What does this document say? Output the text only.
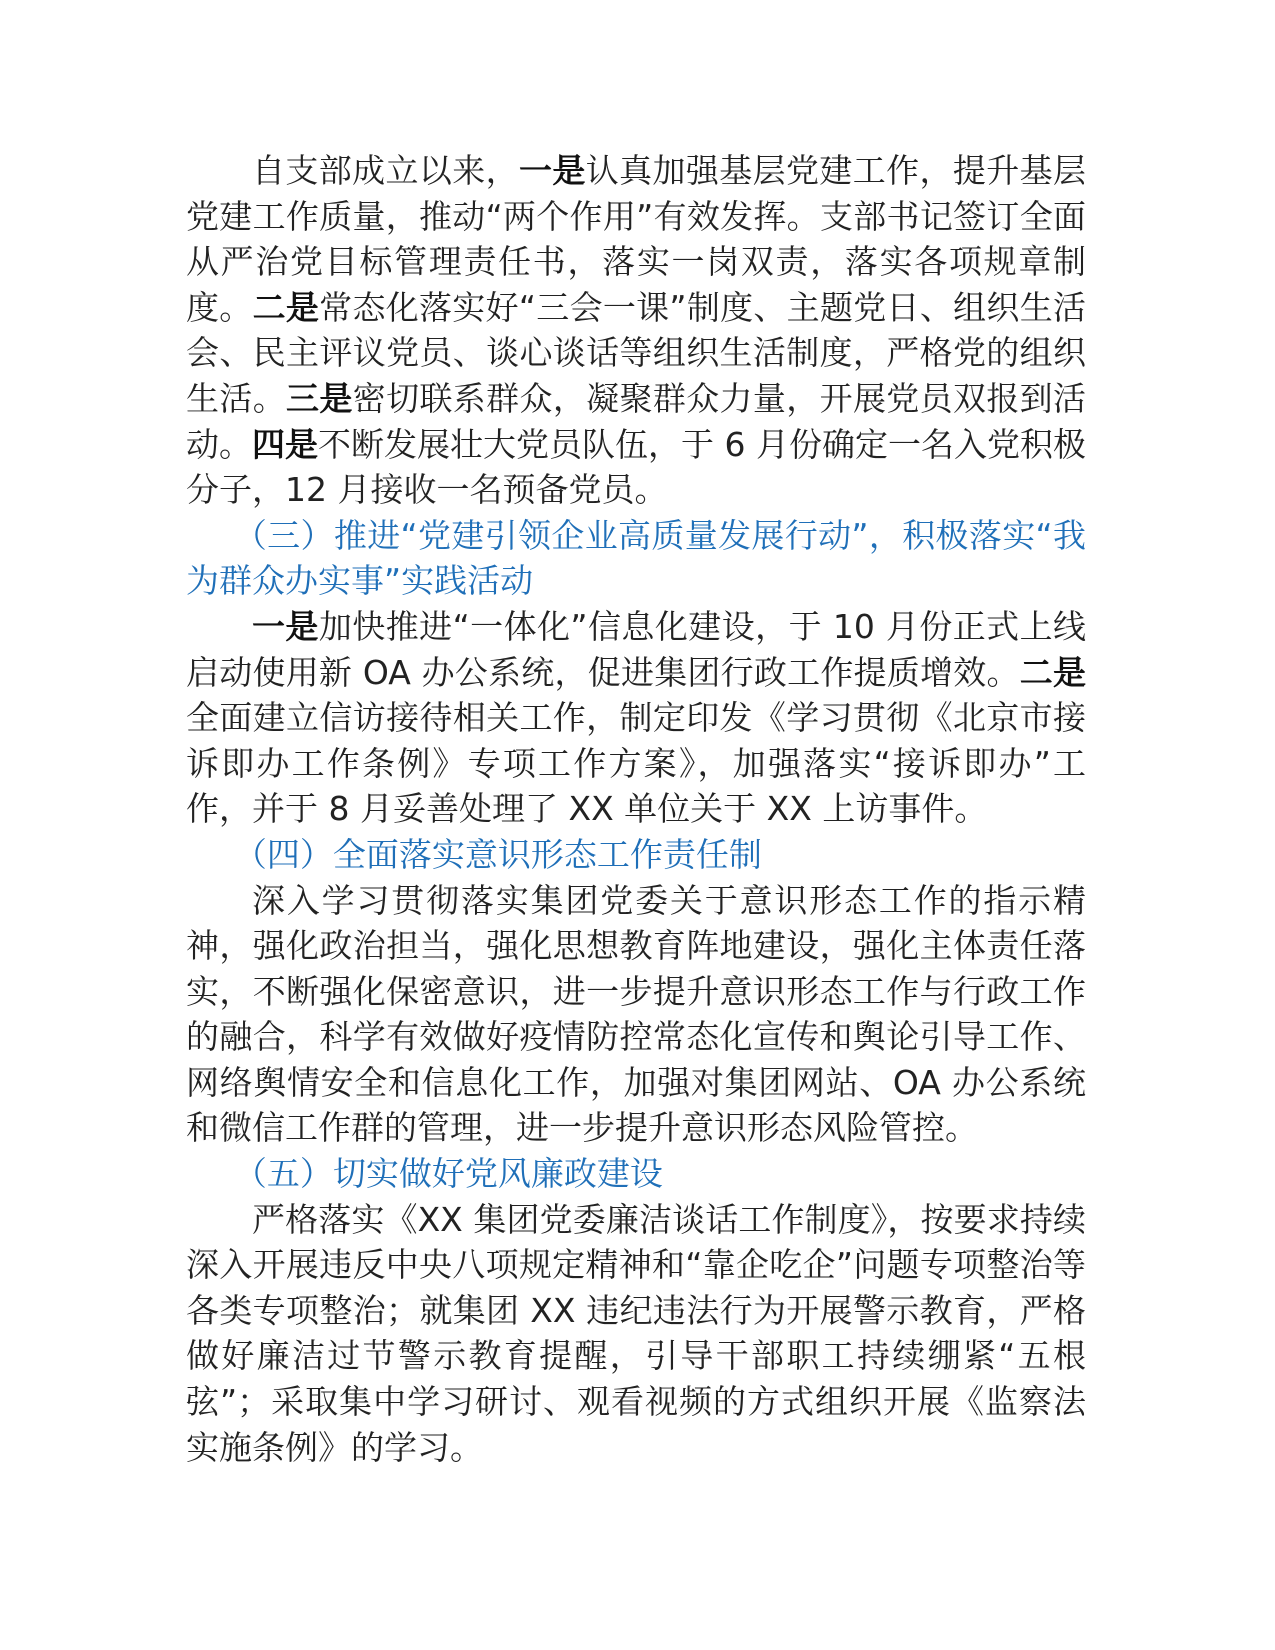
自支部成立以来，一是认真加强基层党建工作，提升基层党建工作质量，推动“两个作用”有效发挥。支部书记签订全面从严治党目标管理责任书，落实一岗双责，落实各项规章制度。二是常态化落实好“三会一课”制度、主题党日、组织生活会、民主评议党员、谈心谈话等组织生活制度，严格党的组织生活。三是密切联系群众，凝聚群众力量，开展党员双报到活动。四是不断发展壮大党员队伍，于 6 月份确定一名入党积极分子，12 月接收一名预备党员。

（三）推进“党建引领企业高质量发展行动”，积极落实“我为群众办实事”实践活动

一是加快推进“一体化”信息化建设，于 10 月份正式上线启动使用新 OA 办公系统，促进集团行政工作提质增效。二是全面建立信访接待相关工作，制定印发《学习贯彻《北京市接诉即办工作条例》专项工作方案》，加强落实“接诉即办”工作，并于 8 月妥善处理了 XX 单位关于 XX 上访事件。

（四）全面落实意识形态工作责任制

深入学习贯彻落实集团党委关于意识形态工作的指示精神，强化政治担当，强化思想教育阵地建设，强化主体责任落实，不断强化保密意识，进一步提升意识形态工作与行政工作的融合，科学有效做好疫情防控常态化宣传和舆论引导工作、网络舆情安全和信息化工作，加强对集团网站、OA 办公系统和微信工作群的管理，进一步提升意识形态风险管控。

（五）切实做好党风廉政建设

严格落实《XX 集团党委廉洁谈话工作制度》，按要求持续深入开展违反中央八项规定精神和“靠企吃企”问题专项整治等各类专项整治；就集团 XX 违纪违法行为开展警示教育，严格做好廉洁过节警示教育提醒，引导干部职工持续绷紧“五根弦”；采取集中学习研讨、观看视频的方式组织开展《监察法实施条例》的学习。
